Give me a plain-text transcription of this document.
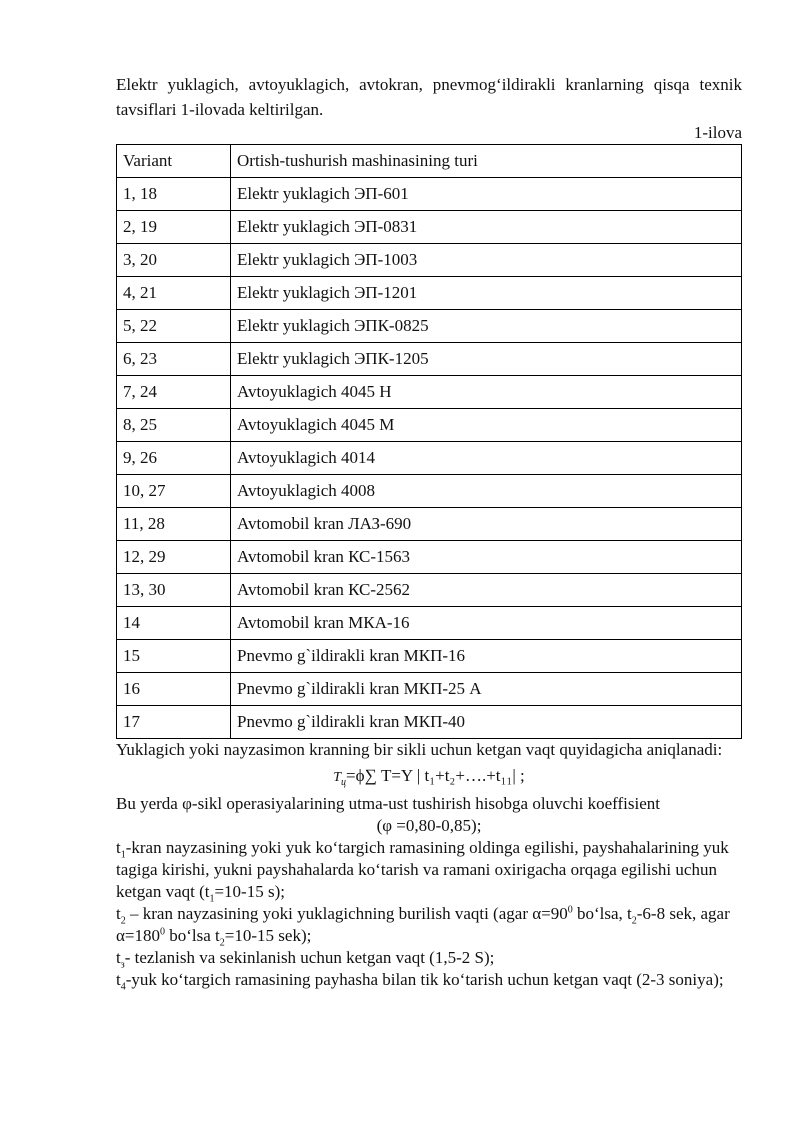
Elektr yuklagich, avtoyuklagich, avtokran, pnevmog‘ildirakli kranlarning qisqa texnik tavsiflari 1-ilovada keltirilgan.

1-ilova

Variant	Ortish-tushurish mashinasining turi
1, 18	Elektr yuklagich ЭП-601
2, 19	Elektr yuklagich ЭП-0831
3, 20	Elektr yuklagich ЭП-1003
4, 21	Elektr yuklagich ЭП-1201
5, 22	Elektr yuklagich ЭПК-0825
6, 23	Elektr yuklagich ЭПК-1205
7, 24	Avtoyuklagich 4045 H
8, 25	Avtoyuklagich 4045 M
9, 26	Avtoyuklagich 4014
10, 27	Avtoyuklagich 4008
11, 28	Avtomobil kran ЛАЗ-690
12, 29	Avtomobil kran КС-1563
13, 30	Avtomobil kran КС-2562
14	Avtomobil kran МКА-16
15	Pnevmo g`ildirakli kran МКП-16
16	Pnevmo g`ildirakli kran МКП-25 А
17	Pnevmo g`ildirakli kran МКП-40

Yuklagich yoki nayzasimon kranning bir sikli uchun ketgan vaqt quyidagicha aniqlanadi:

$T_ц=\phi\sum$ T=Y | t₁+t₂+….+t₁₁| ;

Bu yerda φ-sikl operasiyalarining utma-ust tushirish hisobga oluvchi koeffisient

(φ =0,80-0,85);

$t_1$-kran nayzasining yoki yuk ko‘targich ramasining oldinga egilishi, payshahalarining yuk tagiga kirishi, yukni payshahalarda ko‘tarish va ramani oxirigacha orqaga egilishi uchun ketgan vaqt ($t_1=10-15$ s);

$t_2$ – kran nayzasining yoki yuklagichning burilish vaqti (agar $\alpha=90^0$ bo‘lsa, $t_2-6-8$ sek, agar $\alpha=180^0$ bo‘lsa $t_2=10-15$ sek);

$t_з-$ tezlanish va sekinlanish uchun ketgan vaqt (1,5-2 S);

$t_4$-yuk ko‘targich ramasining payhasha bilan tik ko‘tarish uchun ketgan vaqt (2-3 soniya);
